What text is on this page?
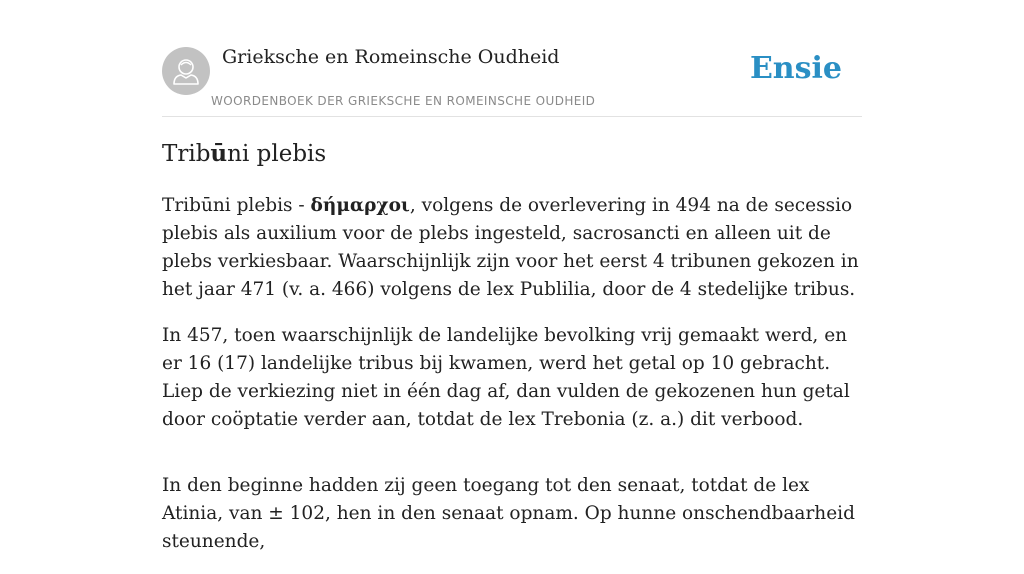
Grieksche en Romeinsche Oudheid
WOORDENBOEK DER GRIEKSCHE EN ROMEINSCHE OUDHEID
Ensie
Tribūni plebis

Tribūni plebis - δήμαρχοι, volgens de overlevering in 494 na de secessio plebis als auxilium voor de plebs ingesteld, sacrosancti en alleen uit de plebs verkiesbaar. Waarschijnlijk zijn voor het eerst 4 tribunen gekozen in het jaar 471 (v. a. 466) volgens de lex Publilia, door de 4 stedelijke tribus.

In 457, toen waarschijnlijk de landelijke bevolking vrij gemaakt werd, en er 16 (17) landelijke tribus bij kwamen, werd het getal op 10 gebracht. Liep de verkiezing niet in één dag af, dan vulden de gekozenen hun getal door coöptatie verder aan, totdat de lex Trebonia (z. a.) dit verbood.

In den beginne hadden zij geen toegang tot den senaat, totdat de lex Atinia, van ± 102, hen in den senaat opnam. Op hunne onschendbaarheid steunende,
